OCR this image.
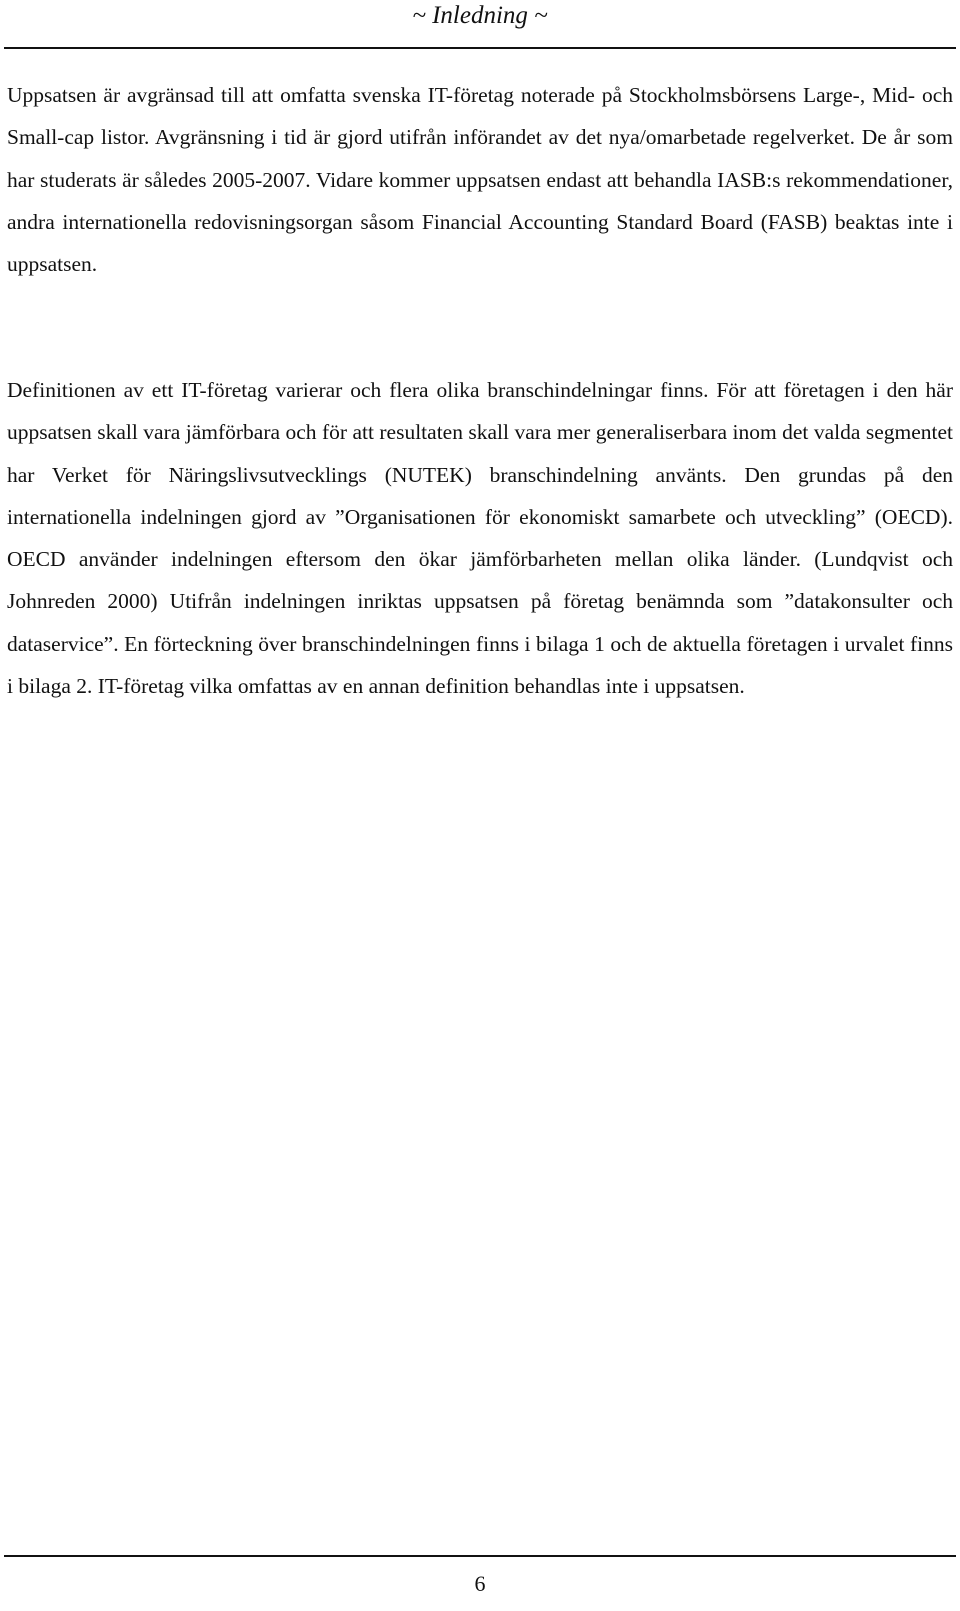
~ Inledning ~

Uppsatsen är avgränsad till att omfatta svenska IT-företag noterade på Stockholmsbörsens Large-, Mid- och Small-cap listor. Avgränsning i tid är gjord utifrån införandet av det nya/omarbetade regelverket. De år som har studerats är således 2005-2007. Vidare kommer uppsatsen endast att behandla IASB:s rekommendationer, andra internationella redovisningsorgan såsom Financial Accounting Standard Board (FASB) beaktas inte i uppsatsen.

Definitionen av ett IT-företag varierar och flera olika branschindelningar finns. För att företagen i den här uppsatsen skall vara jämförbara och för att resultaten skall vara mer generaliserbara inom det valda segmentet har Verket för Näringslivsutvecklings (NUTEK) branschindelning använts. Den grundas på den internationella indelningen gjord av ”Organisationen för ekonomiskt samarbete och utveckling” (OECD). OECD använder indelningen eftersom den ökar jämförbarheten mellan olika länder. (Lundqvist och Johnreden 2000) Utifrån indelningen inriktas uppsatsen på företag benämnda som ”datakonsulter och dataservice”. En förteckning över branschindelningen finns i bilaga 1 och de aktuella företagen i urvalet finns i bilaga 2. IT-företag vilka omfattas av en annan definition behandlas inte i uppsatsen.

6
